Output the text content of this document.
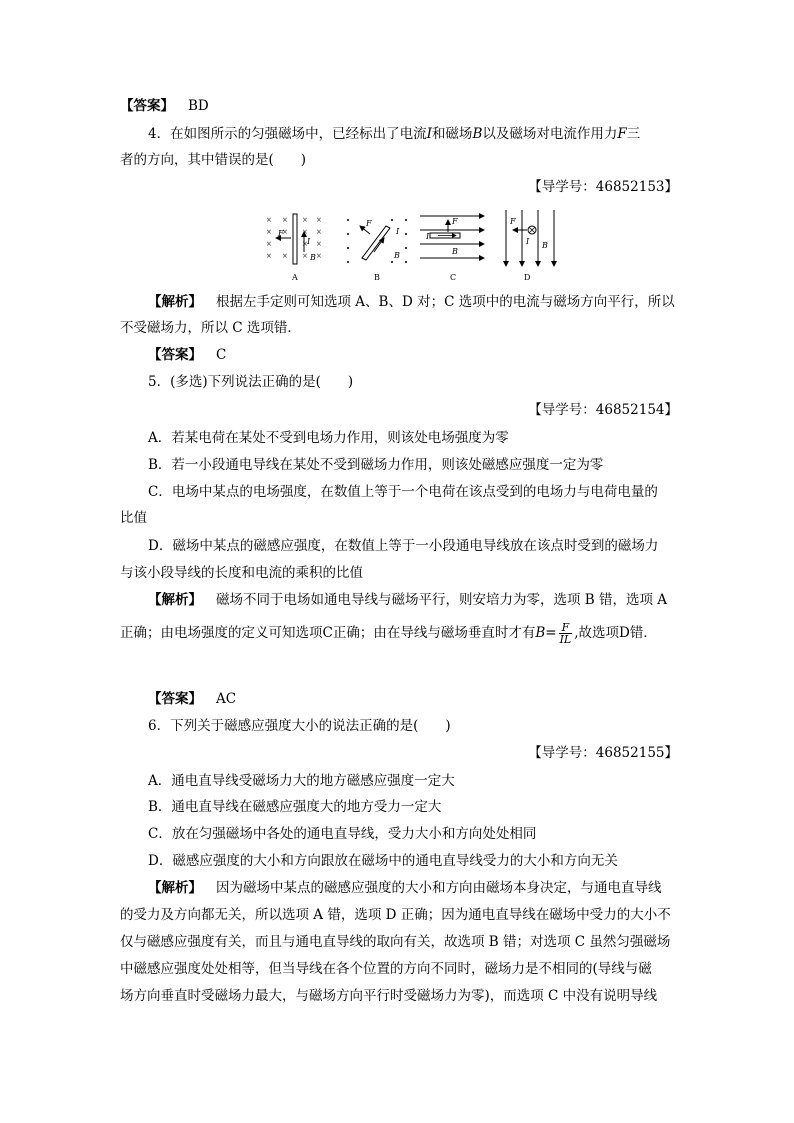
【答案】 BD
4．在如图所示的匀强磁场中，已经标出了电流I和磁场B以及磁场对电流作用力F三
者的方向，其中错误的是(　　)
【导学号：46852153】
× × × ×
× × × ×
×	× ×
× × × ×
F
I
B
A
F
I
B
B
F
I
B
C
F
I B
D
【解析】 根据左手定则可知选项 A、B、D 对；C 选项中的电流与磁场方向平行，所以
不受磁场力，所以 C 选项错．
【答案】 C
5．(多选)下列说法正确的是(　　)
【导学号：46852154】
A．若某电荷在某处不受到电场力作用，则该处电场强度为零
B．若一小段通电导线在某处不受到磁场力作用，则该处磁感应强度一定为零
C．电场中某点的电场强度，在数值上等于一个电荷在该点受到的电场力与电荷电量的
比值
D．磁场中某点的磁感应强度，在数值上等于一小段通电导线放在该点时受到的磁场力
与该小段导线的长度和电流的乘积的比值
【解析】 磁场不同于电场如通电导线与磁场平行，则安培力为零，选项 B 错，选项 A
正确；由电场强度的定义可知选项C正确；由在导线与磁场垂直时才有$B= \frac{F}{IL}$ ,故选项D错．
【答案】 AC
6．下列关于磁感应强度大小的说法正确的是(　　)
【导学号：46852155】
A．通电直导线受磁场力大的地方磁感应强度一定大
B．通电直导线在磁感应强度大的地方受力一定大
C．放在匀强磁场中各处的通电直导线，受力大小和方向处处相同
D．磁感应强度的大小和方向跟放在磁场中的通电直导线受力的大小和方向无关
【解析】 因为磁场中某点的磁感应强度的大小和方向由磁场本身决定，与通电直导线
的受力及方向都无关，所以选项 A 错，选项 D 正确；因为通电直导线在磁场中受力的大小不
仅与磁感应强度有关，而且与通电直导线的取向有关，故选项 B 错；对选项 C 虽然匀强磁场
中磁感应强度处处相等，但当导线在各个位置的方向不同时，磁场力是不相同的(导线与磁
场方向垂直时受磁场力最大，与磁场方向平行时受磁场力为零)，而选项 C 中没有说明导线
